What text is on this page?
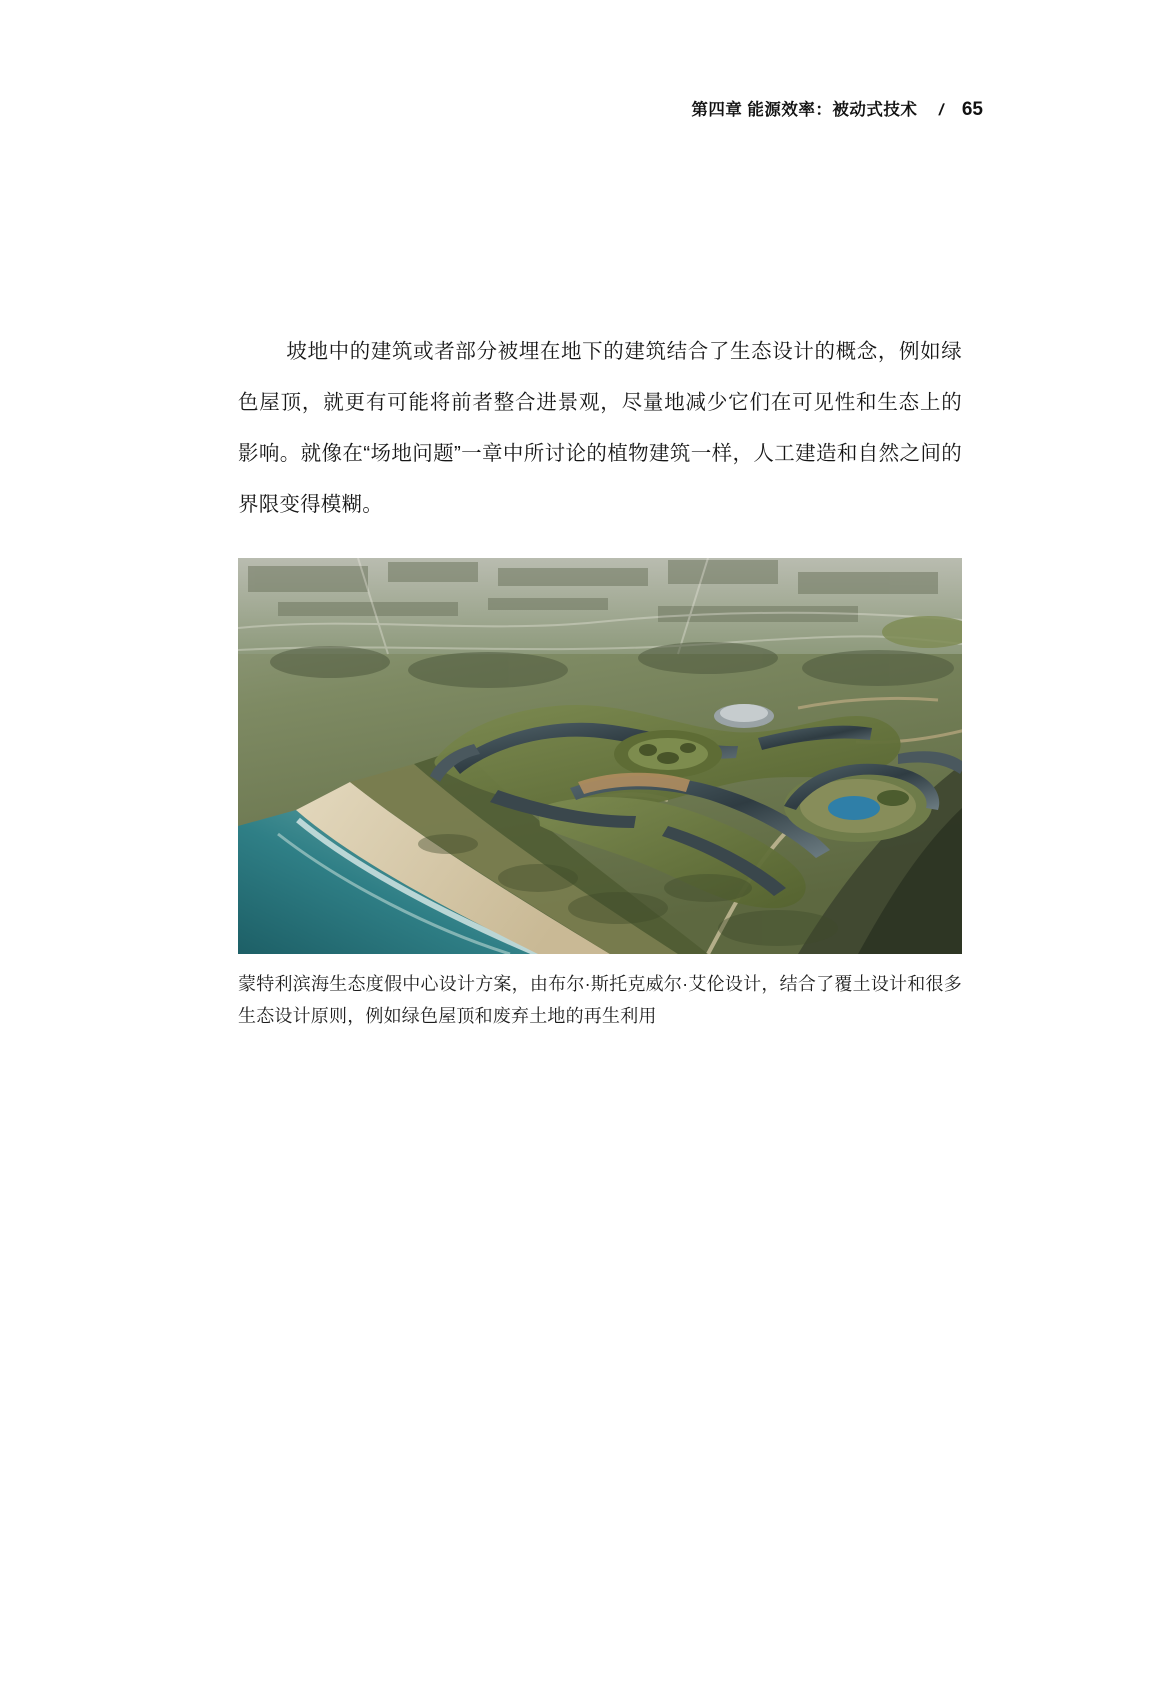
第四章 能源效率：被动式技术 / 65

坡地中的建筑或者部分被埋在地下的建筑结合了生态设计的概念，例如绿色屋顶，就更有可能将前者整合进景观，尽量地减少它们在可见性和生态上的影响。就像在“场地问题”一章中所讨论的植物建筑一样，人工建造和自然之间的界限变得模糊。

蒙特利滨海生态度假中心设计方案，由布尔·斯托克威尔·艾伦设计，结合了覆土设计和很多生态设计原则，例如绿色屋顶和废弃土地的再生利用
